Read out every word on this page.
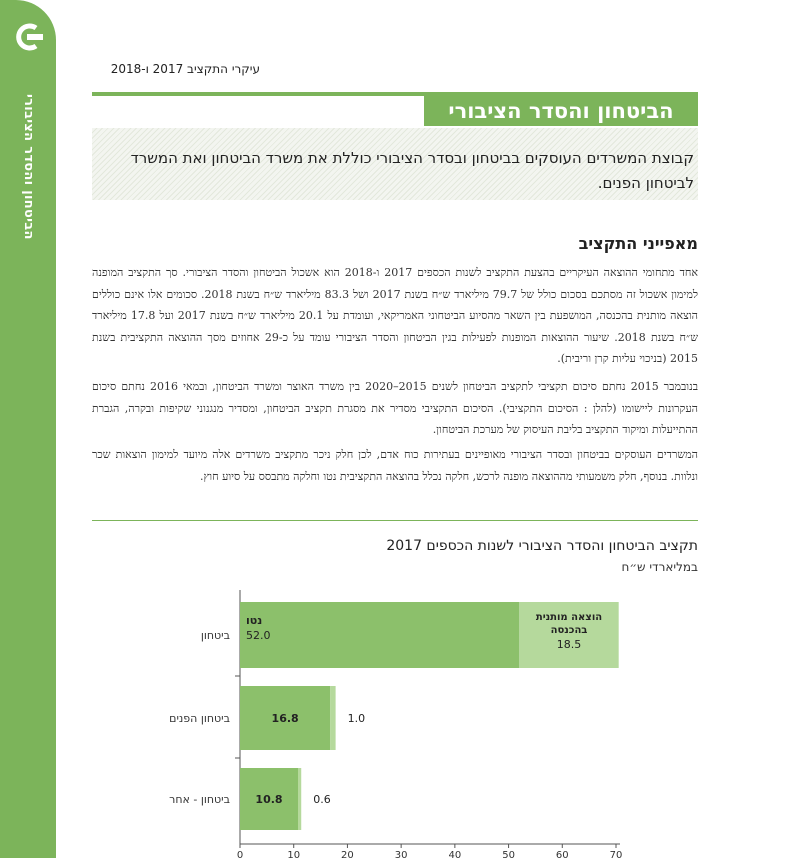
הביטחון והסדר הציבורי
עיקרי התקציב 2017 ו-2018
הביטחון והסדר הציבורי
קבוצת המשרדים העוסקים בביטחון ובסדר הציבורי כוללת את משרד הביטחון ואת המשרד לביטחון הפנים.
מאפייני התקציב
אחד מתחומי ההוצאה העיקריים בהצעת התקציב לשנות הכספים 2017 ו-2018 הוא אשכול הביטחון והסדר הציבורי. סך התקציב המופנה למימון אשכול זה מסתכם בסכום כולל של 79.7 מיליארד ש״ח בשנת 2017 ושל 83.3 מיליארד ש״ח בשנת 2018. סכומים אלו אינם כוללים הוצאה מותנית בהכנסה, המושפעת בין השאר מהסיוע הביטחוני האמריקאי, ועומדת על 20.1 מיליארד ש״ח בשנת 2017 ועל 17.8 מיליארד ש״ח בשנת 2018. שיעור ההוצאות המופנות לפעילות בגין הביטחון והסדר הציבורי עומד על כ-29 אחוזים מסך ההוצאה התקציבית בשנת 2015 (בניכוי עליות קרן וריבית).
בנובמבר 2015 נחתם סיכום תקציבי לתקציב הביטחון לשנים 2015–2020 בין משרד האוצר ומשרד הביטחון, ובמאי 2016 נחתם סיכום העקרונות ליישומו (להלן : הסיכום התקציבי). הסיכום התקציבי מסדיר את מסגרת תקציב הביטחון, ומסדיר מנגנוני שקיפות ובקרה, הגברת ההתייעלות ומיקוד התקציב בליבת העיסוק של מערכת הביטחון.
המשרדים העוסקים בביטחון ובסדר הציבורי מאופיינים בעתירות כוח אדם, לכן חלק ניכר מתקציב משרדים אלה מיועד למימון הוצאות שכר ונלוות. בנוסף, חלק משמעותי מההוצאה מופנה לרכש, חלקה נכלל בהוצאה התקציבית נטו וחלקה מתבסס על סיוע חוץ.
תקציב הביטחון והסדר הציבורי לשנות הכספים 2017
במליארדי ש״ח
0	10	20	30	40	50	60	70
ביטחון
נטו
52.0
הוצאה מותנית
בהכנסה
18.5
ביטחון הפנים	16.8	1.0
ביטחון - אחר 10.8	0.6
